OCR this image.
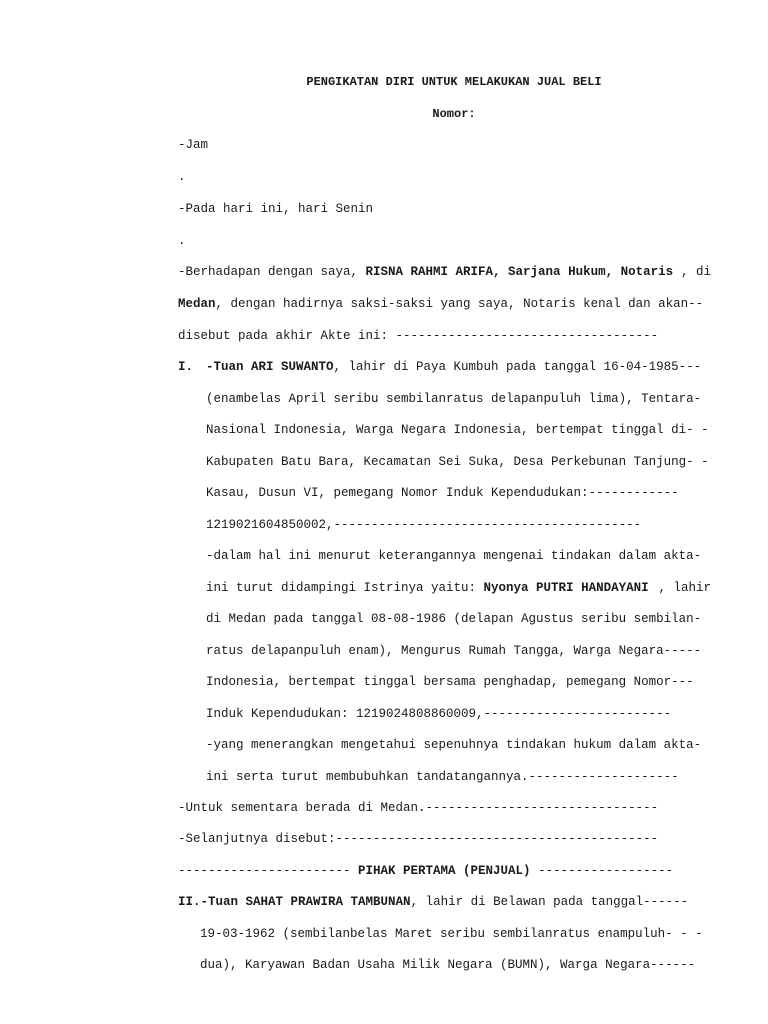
PENGIKATAN DIRI UNTUK MELAKUKAN JUAL BELI
Nomor:
-Jam
.
-Pada hari ini, hari Senin
.
-Berhadapan dengan saya, RISNA RAHMI ARIFA, Sarjana Hukum, Notaris , di
Medan, dengan hadirnya saksi-saksi yang saya, Notaris kenal dan akan--
disebut pada akhir Akte ini: -----------------------------------
I. -Tuan ARI SUWANTO, lahir di Paya Kumbuh pada tanggal 16-04-1985---
(enambelas April seribu sembilanratus delapanpuluh lima), Tentara-
Nasional Indonesia, Warga Negara Indonesia, bertempat tinggal di- -
Kabupaten Batu Bara, Kecamatan Sei Suka, Desa Perkebunan Tanjung- -
Kasau, Dusun VI, pemegang Nomor Induk Kependudukan:------------
1219021604850002,-----------------------------------------
-dalam hal ini menurut keterangannya mengenai tindakan dalam akta-
ini turut didampingi Istrinya yaitu: Nyonya PUTRI HANDAYANI , lahir
di Medan pada tanggal 08-08-1986 (delapan Agustus seribu sembilan-
ratus delapanpuluh enam), Mengurus Rumah Tangga, Warga Negara-----
Indonesia, bertempat tinggal bersama penghadap, pemegang Nomor---
Induk Kependudukan: 1219024808860009,-------------------------
-yang menerangkan mengetahui sepenuhnya tindakan hukum dalam akta-
ini serta turut membubuhkan tandatangannya.--------------------
-Untuk sementara berada di Medan.-------------------------------
-Selanjutnya disebut:-------------------------------------------
----------------------- PIHAK PERTAMA (PENJUAL) ------------------
II.-Tuan SAHAT PRAWIRA TAMBUNAN, lahir di Belawan pada tanggal------
19-03-1962 (sembilanbelas Maret seribu sembilanratus enampuluh- - -
dua), Karyawan Badan Usaha Milik Negara (BUMN), Warga Negara------
